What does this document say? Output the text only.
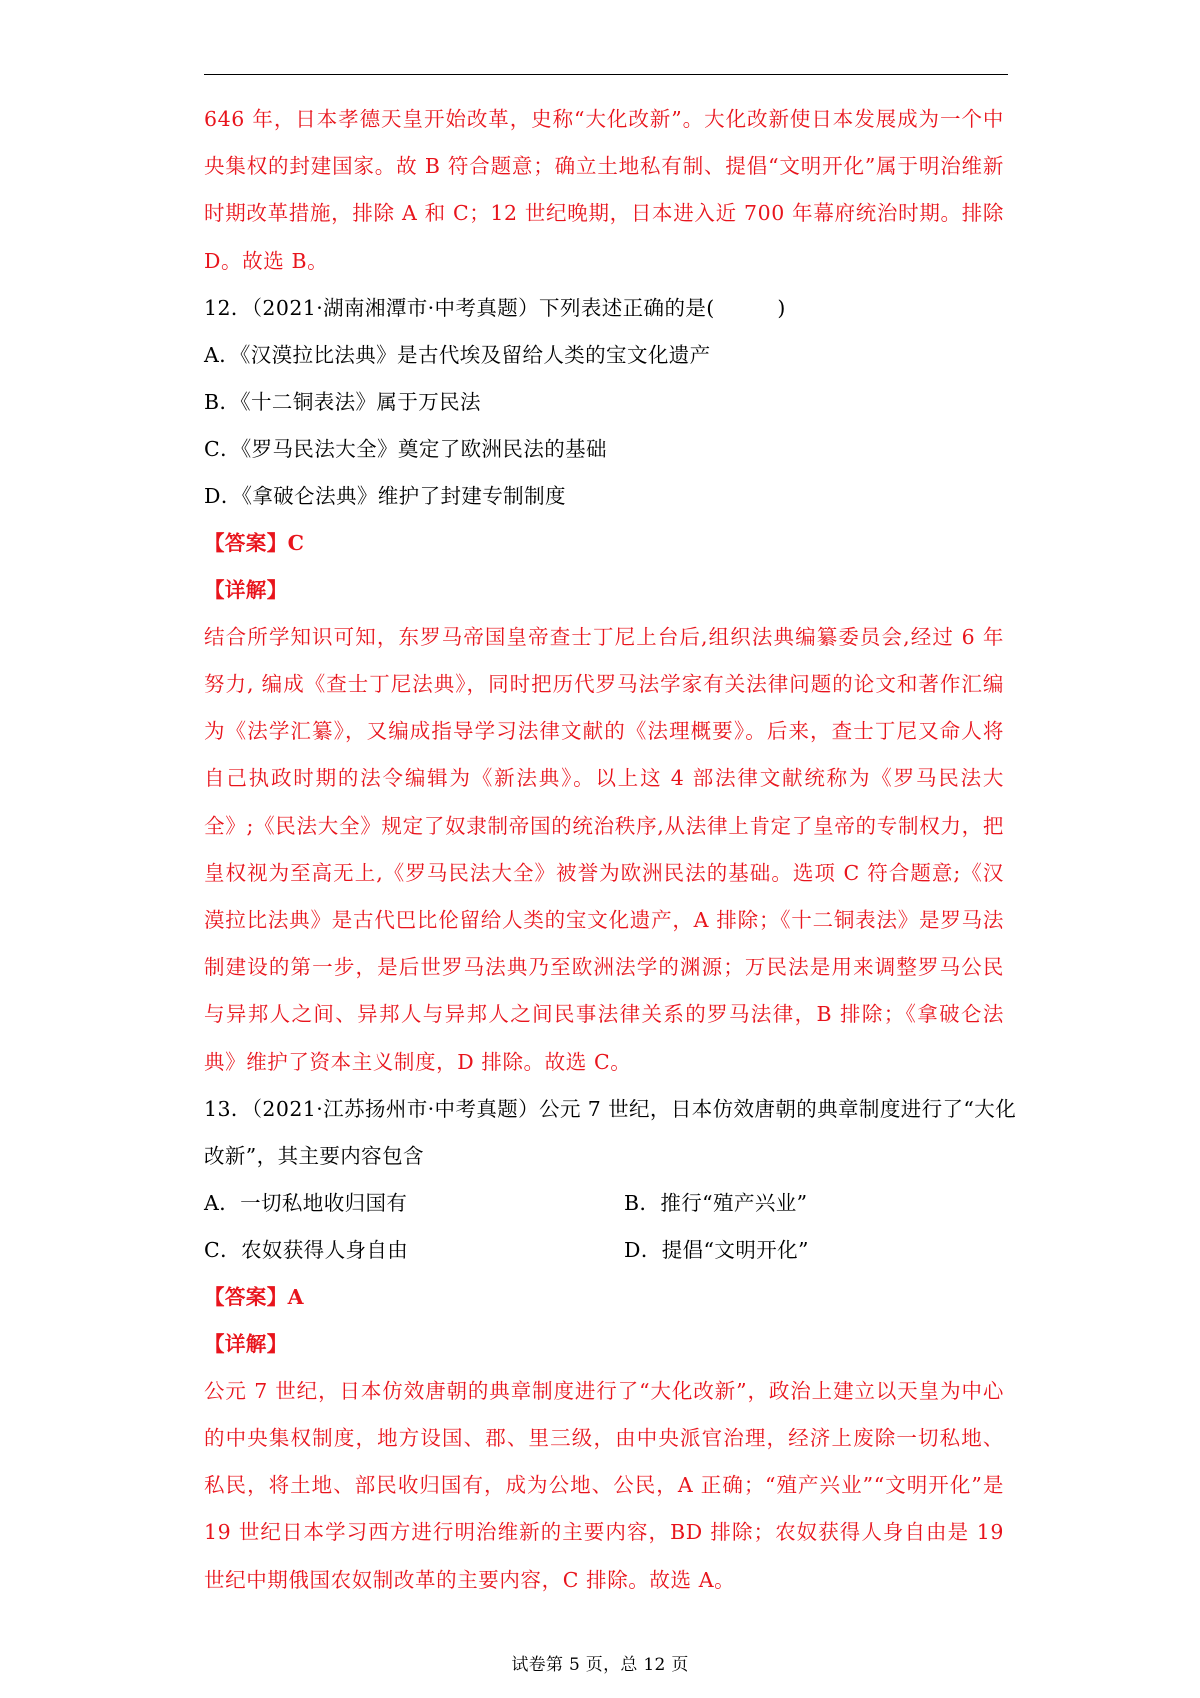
646 年，日本孝德天皇开始改革，史称“大化改新”。大化改新使日本发展成为一个中央集权的封建国家。故 B 符合题意；确立土地私有制、提倡“文明开化”属于明治维新时期改革措施，排除 A 和 C；12 世纪晚期，日本进入近 700 年幕府统治时期。排除 D。故选 B。
12．（2021·湖南湘潭市·中考真题）下列表述正确的是(　　　)
A．《汉漠拉比法典》是古代埃及留给人类的宝文化遗产
B．《十二铜表法》属于万民法
C．《罗马民法大全》奠定了欧洲民法的基础
D．《拿破仑法典》维护了封建专制制度
【答案】C
【详解】
结合所学知识可知，东罗马帝国皇帝查士丁尼上台后,组织法典编纂委员会,经过 6 年努力, 编成《查士丁尼法典》，同时把历代罗马法学家有关法律问题的论文和著作汇编为《法学汇纂》，又编成指导学习法律文献的《法理概要》。后来，查士丁尼又命人将自己执政时期的法令编辑为《新法典》。以上这 4 部法律文献统称为《罗马民法大全》;《民法大全》规定了奴隶制帝国的统治秩序,从法律上肯定了皇帝的专制权力，把皇权视为至高无上,《罗马民法大全》被誉为欧洲民法的基础。选项 C 符合题意;《汉漠拉比法典》是古代巴比伦留给人类的宝文化遗产，A 排除；《十二铜表法》是罗马法制建设的第一步，是后世罗马法典乃至欧洲法学的渊源；万民法是用来调整罗马公民与异邦人之间、异邦人与异邦人之间民事法律关系的罗马法律，B 排除；《拿破仑法典》维护了资本主义制度，D 排除。故选 C。
13．（2021·江苏扬州市·中考真题）公元 7 世纪，日本仿效唐朝的典章制度进行了“大化
改新”，其主要内容包含
A．一切私地收归国有	B．推行“殖产兴业”
C．农奴获得人身自由	D．提倡“文明开化”
【答案】A
【详解】
公元 7 世纪，日本仿效唐朝的典章制度进行了“大化改新”，政治上建立以天皇为中心的中央集权制度，地方设国、郡、里三级，由中央派官治理，经济上废除一切私地、私民，将土地、部民收归国有，成为公地、公民，A 正确；“殖产兴业”“文明开化”是 19 世纪日本学习西方进行明治维新的主要内容，BD 排除；农奴获得人身自由是 19 世纪中期俄国农奴制改革的主要内容，C 排除。故选 A。
试卷第 5 页，总 12 页
